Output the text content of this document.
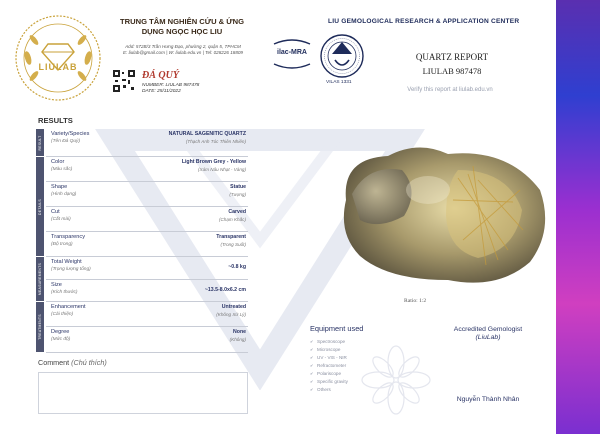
LIULAB
TRUNG TÂM NGHIÊN CỨU & ỨNG DỤNG NGỌC HỌC LIU
Add: 572B/3 Trần Hưng Đạo, phường 2, quận 5, TPHCM
E: liulab@gmail.com | W: liulab.edu.vn | Tel: 028226 18809
ĐÁ QUÝ
NUMBER: LIULAB 987478
DATE: 25/11/2022
LIU GEMOLOGICAL RESEARCH & APPLICATION CENTER
ilac-MRA
VILAS 1331
QUARTZ REPORT
LIULAB 987478
Verify this report at liulab.edu.vn
RESULTS
RESULT
DETAILS
MEASUREMENTS
TREATMENTS
Variety/Species
(Tên Đá Quý)
NATURAL SAGENITIC QUARTZ
(Thạch Anh Tóc Thiên Nhiên)
Color
(Màu sắc)
Light Brown Grey - Yellow
(Xám Nâu Nhạt - Vàng)
Shape
(Hình dạng)
Statue
(Tượng)
Cut
(Cắt mài)
Carved
(Chạm Khắc)
Transparency
(Độ trong)
Transparent
(Trong Suốt)
Total Weight
(Trọng lượng tổng)	~0.8 kg
Size
(Kích thước)	~13.5-8.0x6.2 cm
Enhancement
(Cải thiện)
Untreated
(Không Xử Lý)
Degree
(Mức độ)
None
(Không)
Comment (Chú thích)
Ratio: 1:2
Equipment used
✔ Spectroscope
✔ Microscope
✔ UV - VIS - NIR
✔ Refractometer
✔ Polariscope
✔ Specific gravity
✔ Others
Accredited Gemologist
(LiuLab)
Nguyễn Thành Nhân
